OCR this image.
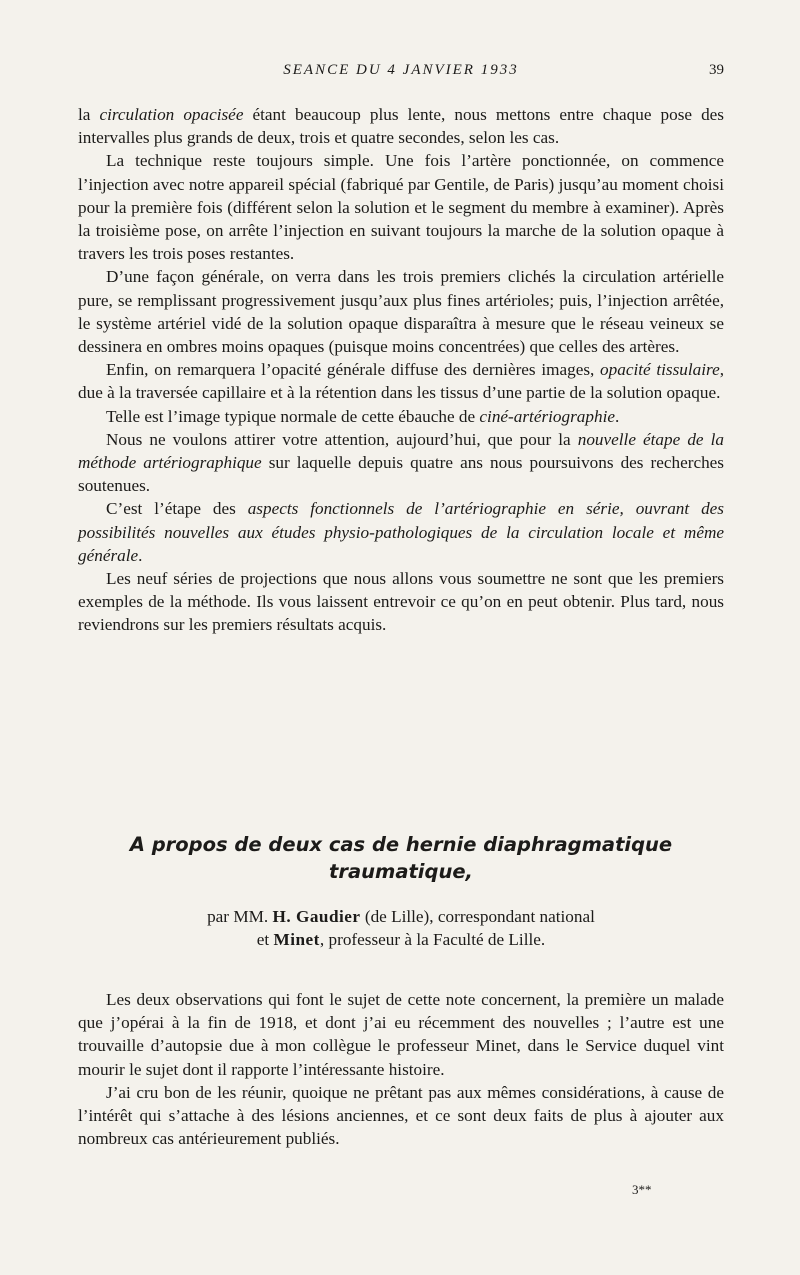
SEANCE DU 4 JANVIER 1933	39

la circulation opacisée étant beaucoup plus lente, nous mettons entre chaque pose des intervalles plus grands de deux, trois et quatre secondes, selon les cas.

La technique reste toujours simple. Une fois l’artère ponctionnée, on commence l’injection avec notre appareil spécial (fabriqué par Gentile, de Paris) jusqu’au moment choisi pour la première fois (différent selon la solution et le segment du membre à examiner). Après la troisième pose, on arrête l’injection en suivant toujours la marche de la solution opaque à travers les trois poses restantes.

D’une façon générale, on verra dans les trois premiers clichés la circulation artérielle pure, se remplissant progressivement jusqu’aux plus fines artérioles; puis, l’injection arrêtée, le système artériel vidé de la solution opaque disparaîtra à mesure que le réseau veineux se dessinera en ombres moins opaques (puisque moins concentrées) que celles des artères.

Enfin, on remarquera l’opacité générale diffuse des dernières images, opacité tissulaire, due à la traversée capillaire et à la rétention dans les tissus d’une partie de la solution opaque.

Telle est l’image typique normale de cette ébauche de ciné-artériographie.

Nous ne voulons attirer votre attention, aujourd’hui, que pour la nouvelle étape de la méthode artériographique sur laquelle depuis quatre ans nous poursuivons des recherches soutenues.

C’est l’étape des aspects fonctionnels de l’artériographie en série, ouvrant des possibilités nouvelles aux études physio-pathologiques de la circulation locale et même générale.

Les neuf séries de projections que nous allons vous soumettre ne sont que les premiers exemples de la méthode. Ils vous laissent entrevoir ce qu’on en peut obtenir. Plus tard, nous reviendrons sur les premiers résultats acquis.

A propos de deux cas de hernie diaphragmatique
traumatique,
par MM. H. Gaudier (de Lille), correspondant national
et Minet, professeur à la Faculté de Lille.

Les deux observations qui font le sujet de cette note concernent, la première un malade que j’opérai à la fin de 1918, et dont j’ai eu récemment des nouvelles ; l’autre est une trouvaille d’autopsie due à mon collègue le professeur Minet, dans le Service duquel vint mourir le sujet dont il rapporte l’intéressante histoire.

J’ai cru bon de les réunir, quoique ne prêtant pas aux mêmes considérations, à cause de l’intérêt qui s’attache à des lésions anciennes, et ce sont deux faits de plus à ajouter aux nombreux cas antérieurement publiés.

3**
